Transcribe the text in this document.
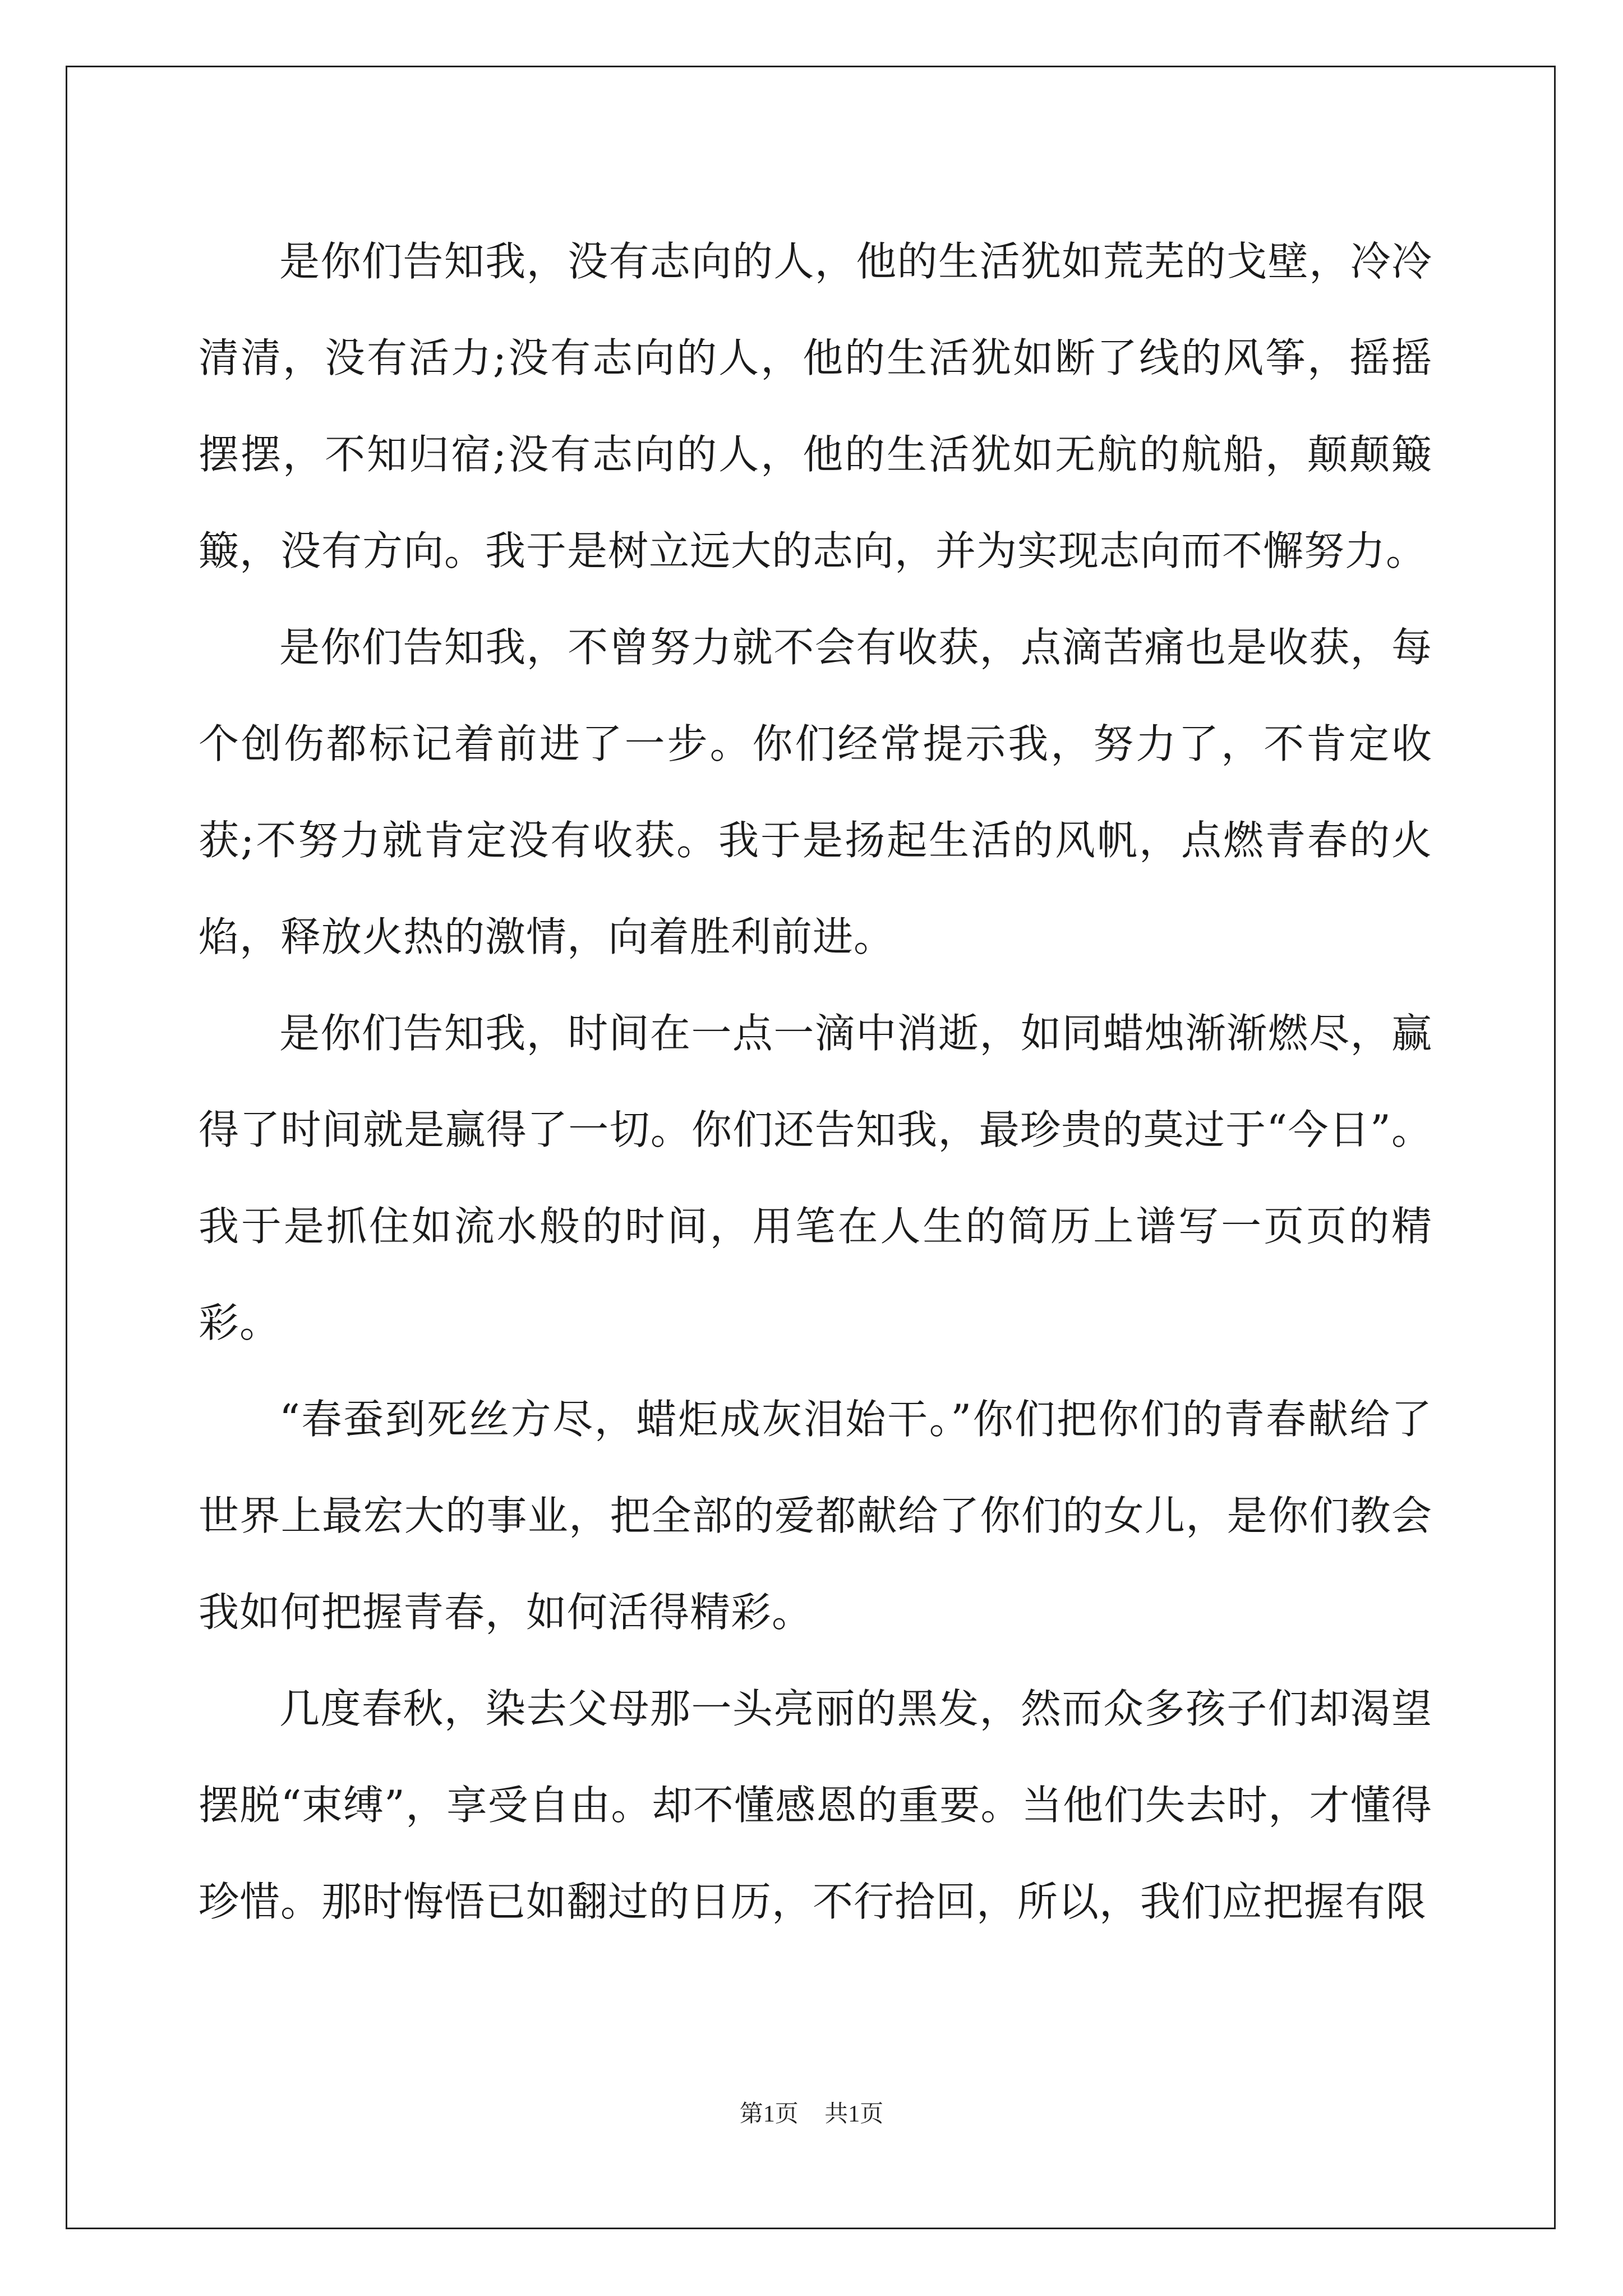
是你们告知我，没有志向的人，他的生活犹如荒芜的戈壁，冷冷清清，没有活力;没有志向的人，他的生活犹如断了线的风筝，摇摇摆摆，不知归宿;没有志向的人，他的生活犹如无航的航船，颠颠簸簸，没有方向。我于是树立远大的志向，并为实现志向而不懈努力。

是你们告知我，不曾努力就不会有收获，点滴苦痛也是收获，每个创伤都标记着前进了一步。你们经常提示我，努力了，不肯定收获;不努力就肯定没有收获。我于是扬起生活的风帆，点燃青春的火焰，释放火热的激情，向着胜利前进。

是你们告知我，时间在一点一滴中消逝，如同蜡烛渐渐燃尽，赢得了时间就是赢得了一切。你们还告知我，最珍贵的莫过于“今日”。我于是抓住如流水般的时间，用笔在人生的简历上谱写一页页的精彩。

“春蚕到死丝方尽，蜡炬成灰泪始干。”你们把你们的青春献给了世界上最宏大的事业，把全部的爱都献给了你们的女儿，是你们教会我如何把握青春，如何活得精彩。

几度春秋，染去父母那一头亮丽的黑发，然而众多孩子们却渴望摆脱“束缚”，享受自由。却不懂感恩的重要。当他们失去时，才懂得珍惜。那时悔悟已如翻过的日历，不行拾回，所以，我们应把握有限

第1页 共1页
